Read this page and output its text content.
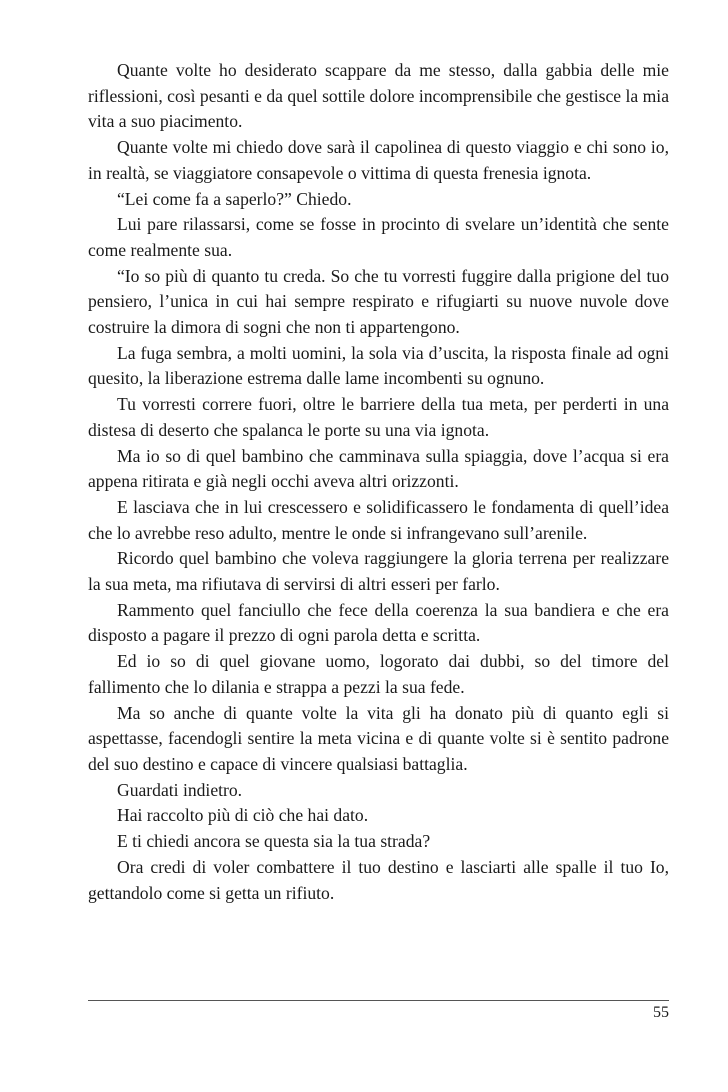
Quante volte ho desiderato scappare da me stesso, dalla gabbia delle mie riflessioni, così pesanti e da quel sottile dolore incomprensibile che gestisce la mia vita a suo piacimento.

Quante volte mi chiedo dove sarà il capolinea di questo viaggio e chi sono io, in realtà, se viaggiatore consapevole o vittima di questa frenesia ignota.

“Lei come fa a saperlo?” Chiedo.

Lui pare rilassarsi, come se fosse in procinto di svelare un’identità che sente come realmente sua.

“Io so più di quanto tu creda. So che tu vorresti fuggire dalla prigione del tuo pensiero, l’unica in cui hai sempre respirato e rifugiarti su nuove nuvole dove costruire la dimora di sogni che non ti appartengono.

La fuga sembra, a molti uomini, la sola via d’uscita, la risposta finale ad ogni quesito, la liberazione estrema dalle lame incombenti su ognuno.

Tu vorresti correre fuori, oltre le barriere della tua meta, per perderti in una distesa di deserto che spalanca le porte su una via ignota.

Ma io so di quel bambino che camminava sulla spiaggia, dove l’acqua si era appena ritirata e già negli occhi aveva altri orizzonti.

E lasciava che in lui crescessero e solidificassero le fondamenta di quell’idea che lo avrebbe reso adulto, mentre le onde si infrangevano sull’arenile.

Ricordo quel bambino che voleva raggiungere la gloria terrena per realizzare la sua meta, ma rifiutava di servirsi di altri esseri per farlo.

Rammento quel fanciullo che fece della coerenza la sua bandiera e che era disposto a pagare il prezzo di ogni parola detta e scritta.

Ed io so di quel giovane uomo, logorato dai dubbi, so del timore del fallimento che lo dilania e strappa a pezzi la sua fede.

Ma so anche di quante volte la vita gli ha donato più di quanto egli si aspettasse, facendogli sentire la meta vicina e di quante volte si è sentito padrone del suo destino e capace di vincere qualsiasi battaglia.

Guardati indietro.

Hai raccolto più di ciò che hai dato.

E ti chiedi ancora se questa sia la tua strada?

Ora credi di voler combattere il tuo destino e lasciarti alle spalle il tuo Io, gettandolo come si getta un rifiuto.

55
